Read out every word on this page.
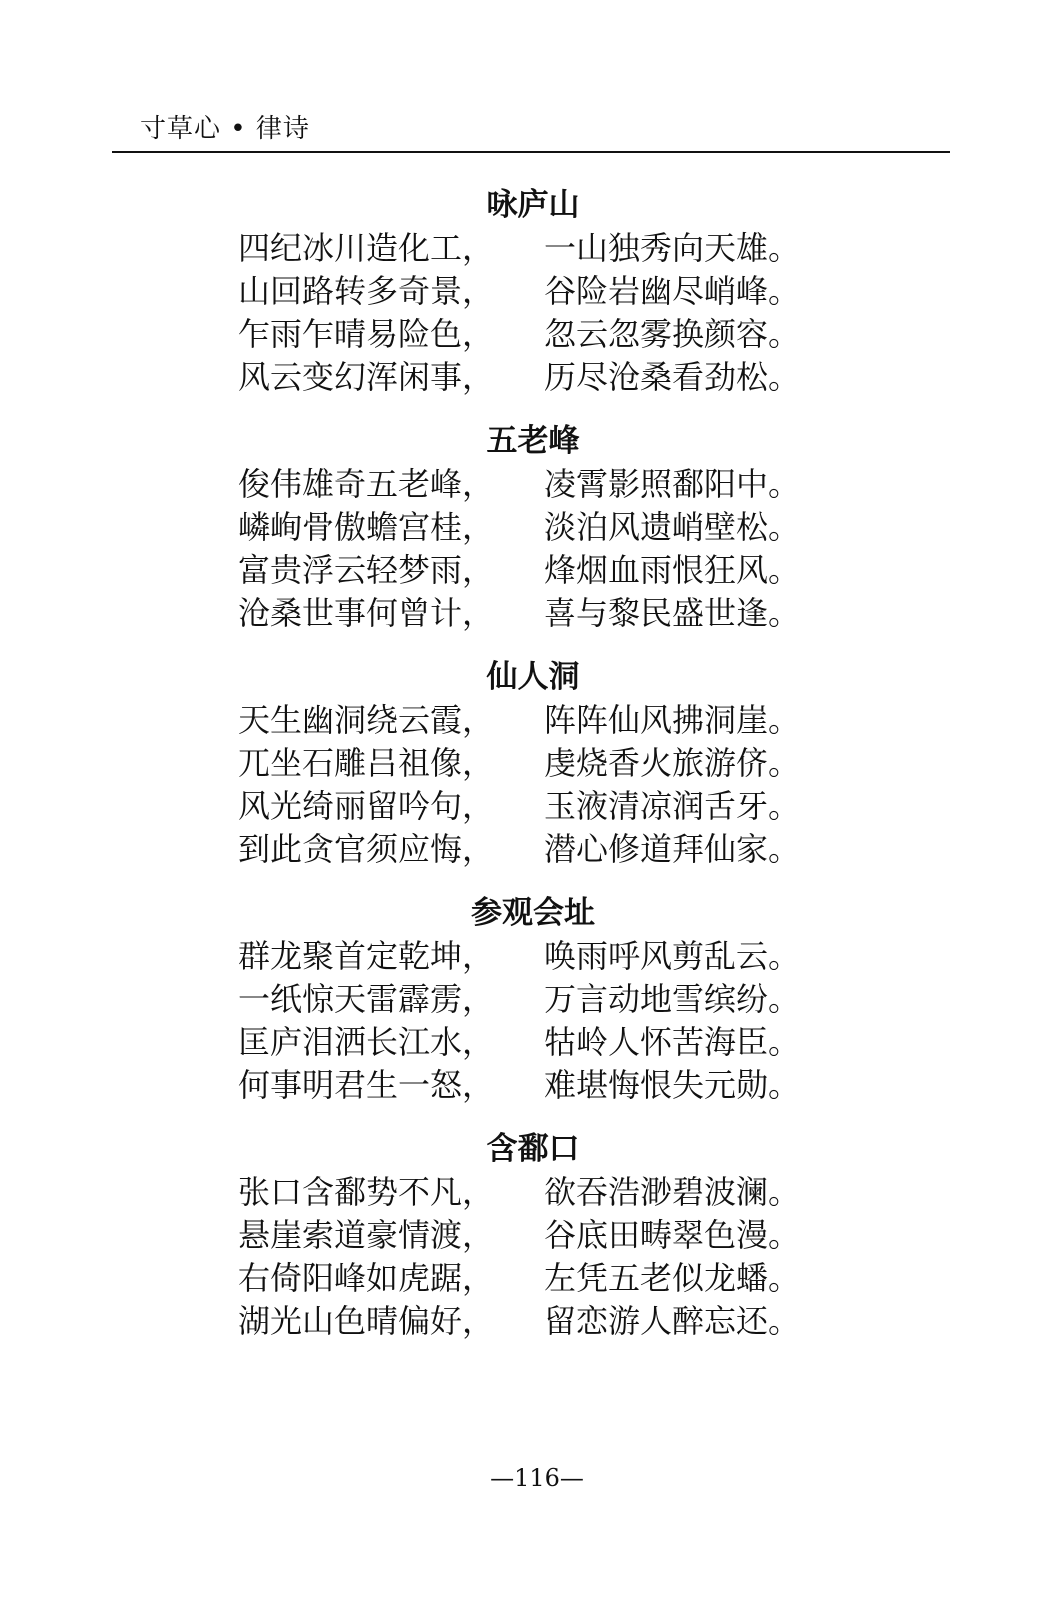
寸草心 • 律诗
咏庐山
四纪冰川造化工， 一山独秀向天雄。
山回路转多奇景， 谷险岩幽尽峭峰。
乍雨乍晴易险色， 忽云忽雾换颜容。
风云变幻浑闲事， 历尽沧桑看劲松。
五老峰
俊伟雄奇五老峰， 凌霄影照鄱阳中。
嶙峋骨傲蟾宫桂， 淡泊风遗峭壁松。
富贵浮云轻梦雨， 烽烟血雨恨狂风。
沧桑世事何曾计， 喜与黎民盛世逢。
仙人洞
天生幽洞绕云霞， 阵阵仙风拂洞崖。
兀坐石雕吕祖像， 虔烧香火旅游侪。
风光绮丽留吟句， 玉液清凉润舌牙。
到此贪官须应悔， 潜心修道拜仙家。
参观会址
群龙聚首定乾坤， 唤雨呼风剪乱云。
一纸惊天雷霹雳， 万言动地雪缤纷。
匡庐泪洒长江水， 牯岭人怀苦海臣。
何事明君生一怒， 难堪悔恨失元勋。
含鄱口
张口含鄱势不凡， 欲吞浩渺碧波澜。
悬崖索道豪情渡， 谷底田畴翠色漫。
右倚阳峰如虎踞， 左凭五老似龙蟠。
湖光山色晴偏好， 留恋游人醉忘还。
—116—
